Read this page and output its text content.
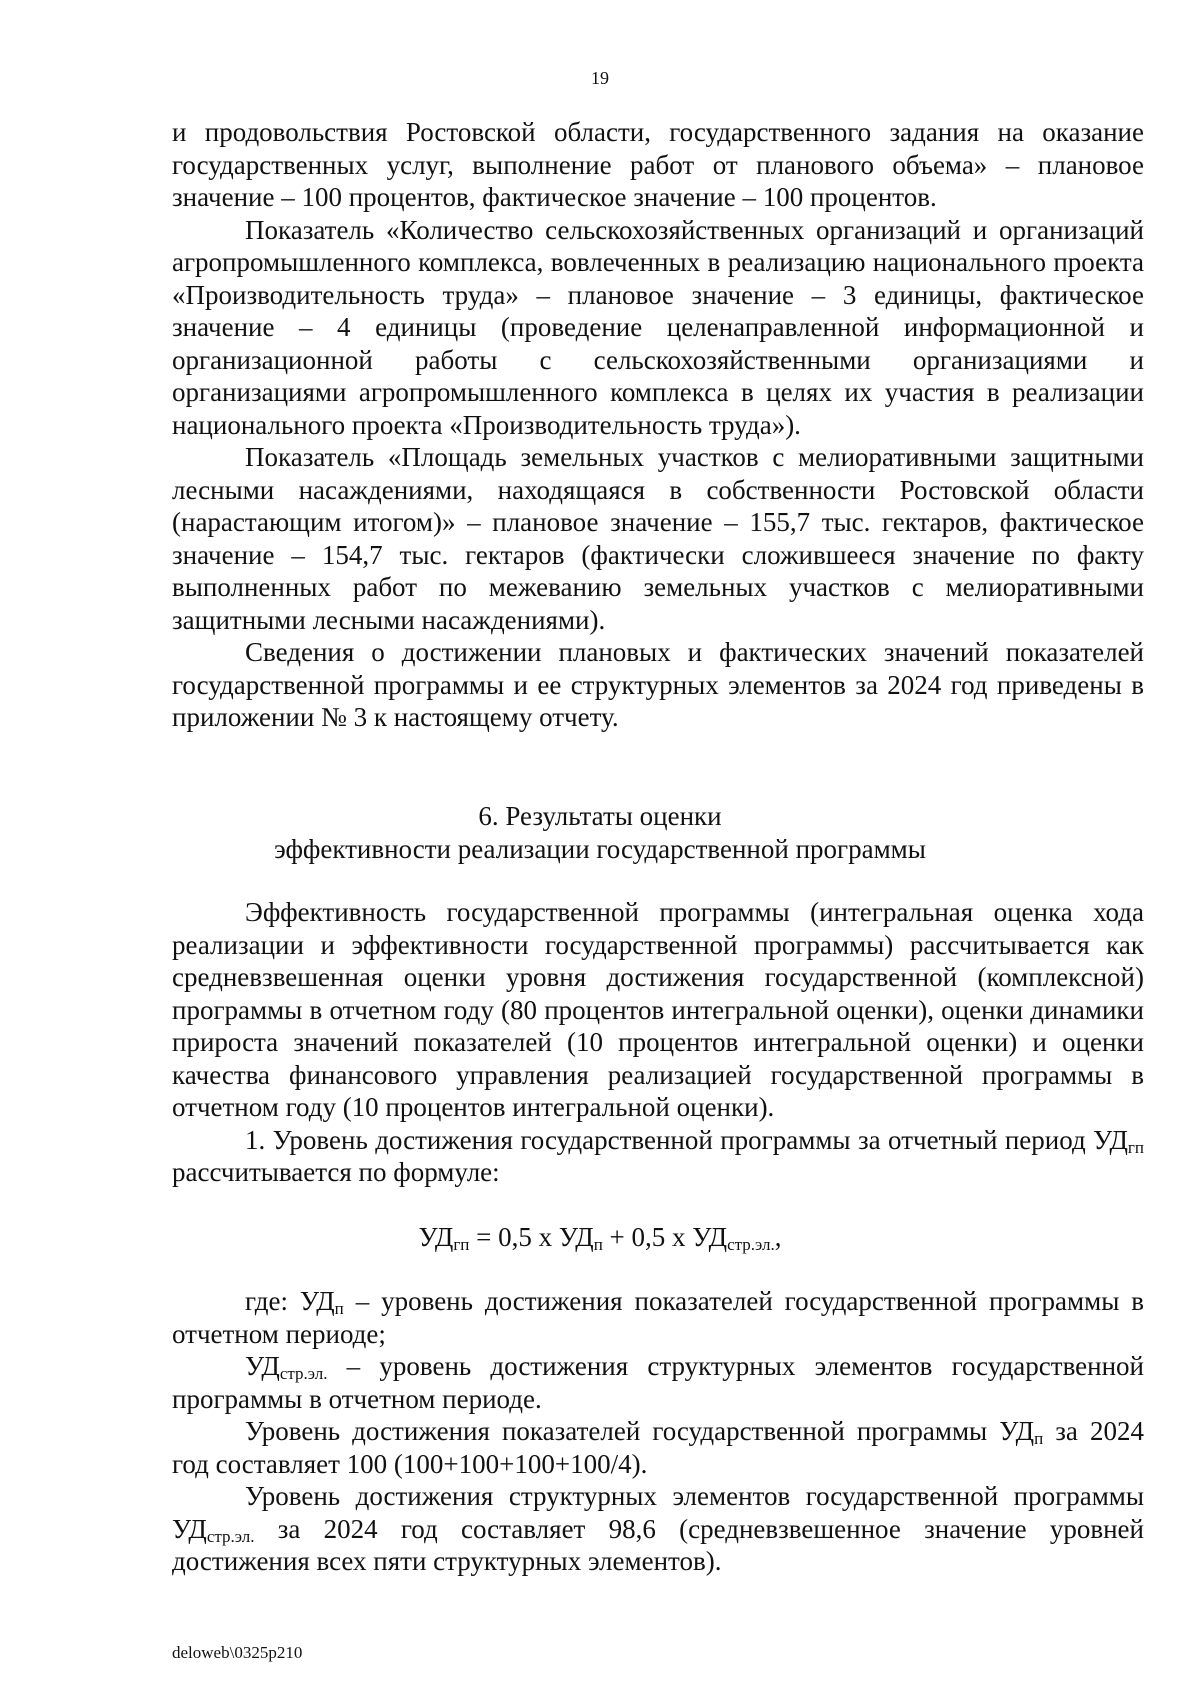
19

и продовольствия Ростовской области, государственного задания на оказание государственных услуг, выполнение работ от планового объема» – плановое значение – 100 процентов, фактическое значение – 100 процентов.

Показатель «Количество сельскохозяйственных организаций и организаций агропромышленного комплекса, вовлеченных в реализацию национального проекта «Производительность труда» – плановое значение – 3 единицы, фактическое значение – 4 единицы (проведение целенаправленной информационной и организационной работы с сельскохозяйственными организациями и организациями агропромышленного комплекса в целях их участия в реализации национального проекта «Производительность труда»).

Показатель «Площадь земельных участков с мелиоративными защитными лесными насаждениями, находящаяся в собственности Ростовской области (нарастающим итогом)» – плановое значение – 155,7 тыс. гектаров, фактическое значение – 154,7 тыс. гектаров (фактически сложившееся значение по факту выполненных работ по межеванию земельных участков с мелиоративными защитными лесными насаждениями).

Сведения о достижении плановых и фактических значений показателей государственной программы и ее структурных элементов за 2024 год приведены в приложении № 3 к настоящему отчету.

6. Результаты оценки
эффективности реализации государственной программы

Эффективность государственной программы (интегральная оценка хода реализации и эффективности государственной программы) рассчитывается как средневзвешенная оценки уровня достижения государственной (комплексной) программы в отчетном году (80 процентов интегральной оценки), оценки динамики прироста значений показателей (10 процентов интегральной оценки) и оценки качества финансового управления реализацией государственной программы в отчетном году (10 процентов интегральной оценки).

1. Уровень достижения государственной программы за отчетный период $УД_{гп}$ рассчитывается по формуле:

$УД_{гп} = 0,5$ x $УД_п + 0,5$ x $УД_{стр.эл.}$,

где: $УД_п$ – уровень достижения показателей государственной программы в отчетном периоде;

$УД_{стр.эл.}$ – уровень достижения структурных элементов государственной программы в отчетном периоде.

Уровень достижения показателей государственной программы $УД_п$ за 2024 год составляет 100 (100+100+100+100/4).

Уровень достижения структурных элементов государственной программы $УД_{стр.эл.}$ за 2024 год составляет 98,6 (средневзвешенное значение уровней достижения всех пяти структурных элементов).

deloweb\0325p210
